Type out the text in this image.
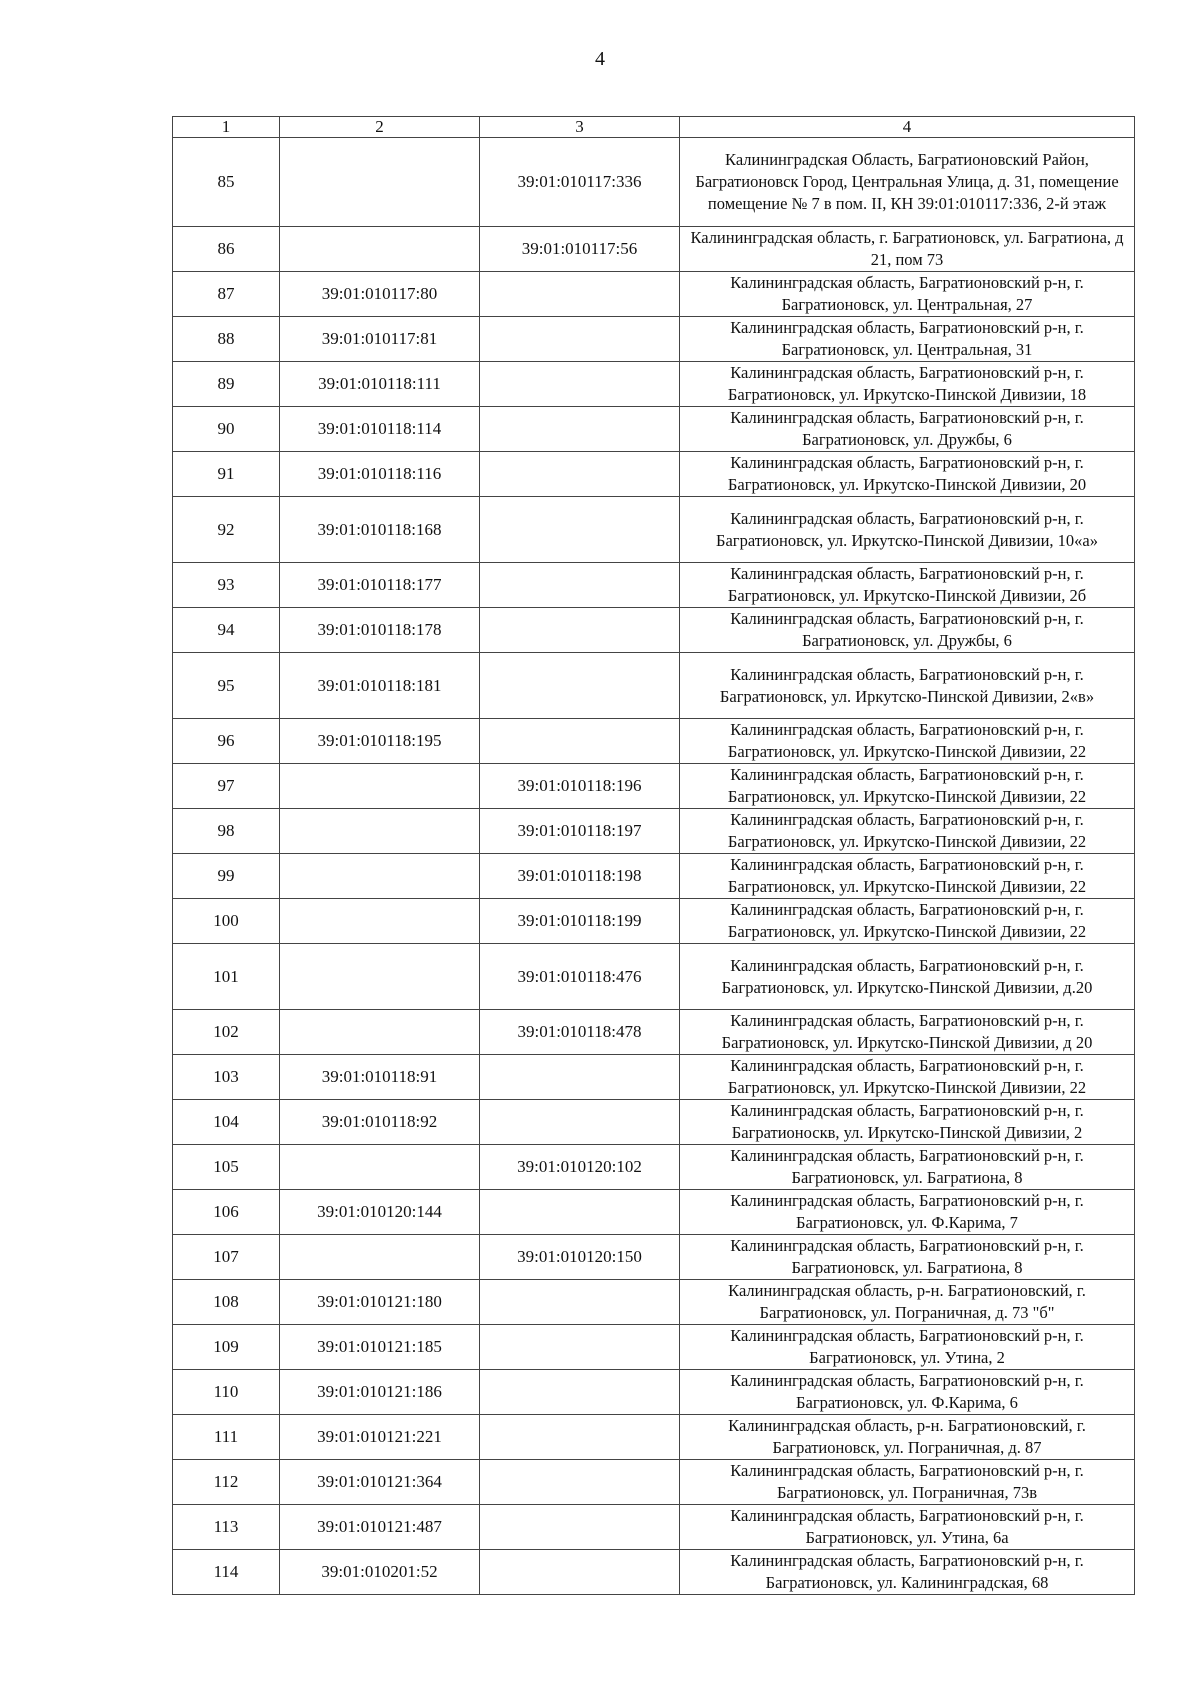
4
1	2	3	4
85		39:01:010117:336	Калининградская Область, Багратионовский Район, Багратионовск Город, Центральная Улица, д. 31, помещение помещение № 7 в пом. II, КН 39:01:010117:336, 2-й этаж
86		39:01:010117:56	Калининградская область, г. Багратионовск, ул. Багратиона, д 21, пом 73
87	39:01:010117:80		Калининградская область, Багратионовский р-н, г. Багратионовск, ул. Центральная, 27
88	39:01:010117:81		Калининградская область, Багратионовский р-н, г. Багратионовск, ул. Центральная, 31
89	39:01:010118:111		Калининградская область, Багратионовский р-н, г. Багратионовск, ул. Иркутско-Пинской Дивизии, 18
90	39:01:010118:114		Калининградская область, Багратионовский р-н, г. Багратионовск, ул. Дружбы, 6
91	39:01:010118:116		Калининградская область, Багратионовский р-н, г. Багратионовск, ул. Иркутско-Пинской Дивизии, 20
92	39:01:010118:168		Калининградская область, Багратионовский р-н, г. Багратионовск, ул. Иркутско-Пинской Дивизии, 10«а»
93	39:01:010118:177		Калининградская область, Багратионовский р-н, г. Багратионовск, ул. Иркутско-Пинской Дивизии, 2б
94	39:01:010118:178		Калининградская область, Багратионовский р-н, г. Багратионовск, ул. Дружбы, 6
95	39:01:010118:181		Калининградская область, Багратионовский р-н, г. Багратионовск, ул. Иркутско-Пинской Дивизии, 2«в»
96	39:01:010118:195		Калининградская область, Багратионовский р-н, г. Багратионовск, ул. Иркутско-Пинской Дивизии, 22
97		39:01:010118:196	Калининградская область, Багратионовский р-н, г. Багратионовск, ул. Иркутско-Пинской Дивизии, 22
98		39:01:010118:197	Калининградская область, Багратионовский р-н, г. Багратионовск, ул. Иркутско-Пинской Дивизии, 22
99		39:01:010118:198	Калининградская область, Багратионовский р-н, г. Багратионовск, ул. Иркутско-Пинской Дивизии, 22
100		39:01:010118:199	Калининградская область, Багратионовский р-н, г. Багратионовск, ул. Иркутско-Пинской Дивизии, 22
101		39:01:010118:476	Калининградская область, Багратионовский р-н, г. Багратионовск, ул. Иркутско-Пинской Дивизии, д.20
102		39:01:010118:478	Калининградская область, Багратионовский р-н, г. Багратионовск, ул. Иркутско-Пинской Дивизии, д 20
103	39:01:010118:91		Калининградская область, Багратионовский р-н, г. Багратионовск, ул. Иркутско-Пинской Дивизии, 22
104	39:01:010118:92		Калининградская область, Багратионовский р-н, г. Багратионоскв, ул. Иркутско-Пинской Дивизии, 2
105		39:01:010120:102	Калининградская область, Багратионовский р-н, г. Багратионовск, ул. Багратиона, 8
106	39:01:010120:144		Калининградская область, Багратионовский р-н, г. Багратионовск, ул. Ф.Карима, 7
107		39:01:010120:150	Калининградская область, Багратионовский р-н, г. Багратионовск, ул. Багратиона, 8
108	39:01:010121:180		Калининградская область, р-н. Багратионовский, г. Багратионовск, ул. Пограничная, д. 73 "б"
109	39:01:010121:185		Калининградская область, Багратионовский р-н, г. Багратионовск, ул. Утина, 2
110	39:01:010121:186		Калининградская область, Багратионовский р-н, г. Багратионовск, ул. Ф.Карима, 6
111	39:01:010121:221		Калининградская область, р-н. Багратионовский, г. Багратионовск, ул. Пограничная, д. 87
112	39:01:010121:364		Калининградская область, Багратионовский р-н, г. Багратионовск, ул. Пограничная, 73в
113	39:01:010121:487		Калининградская область, Багратионовский р-н, г. Багратионовск, ул. Утина, 6а
114	39:01:010201:52		Калининградская область, Багратионовский р-н, г. Багратионовск, ул. Калининградская, 68
